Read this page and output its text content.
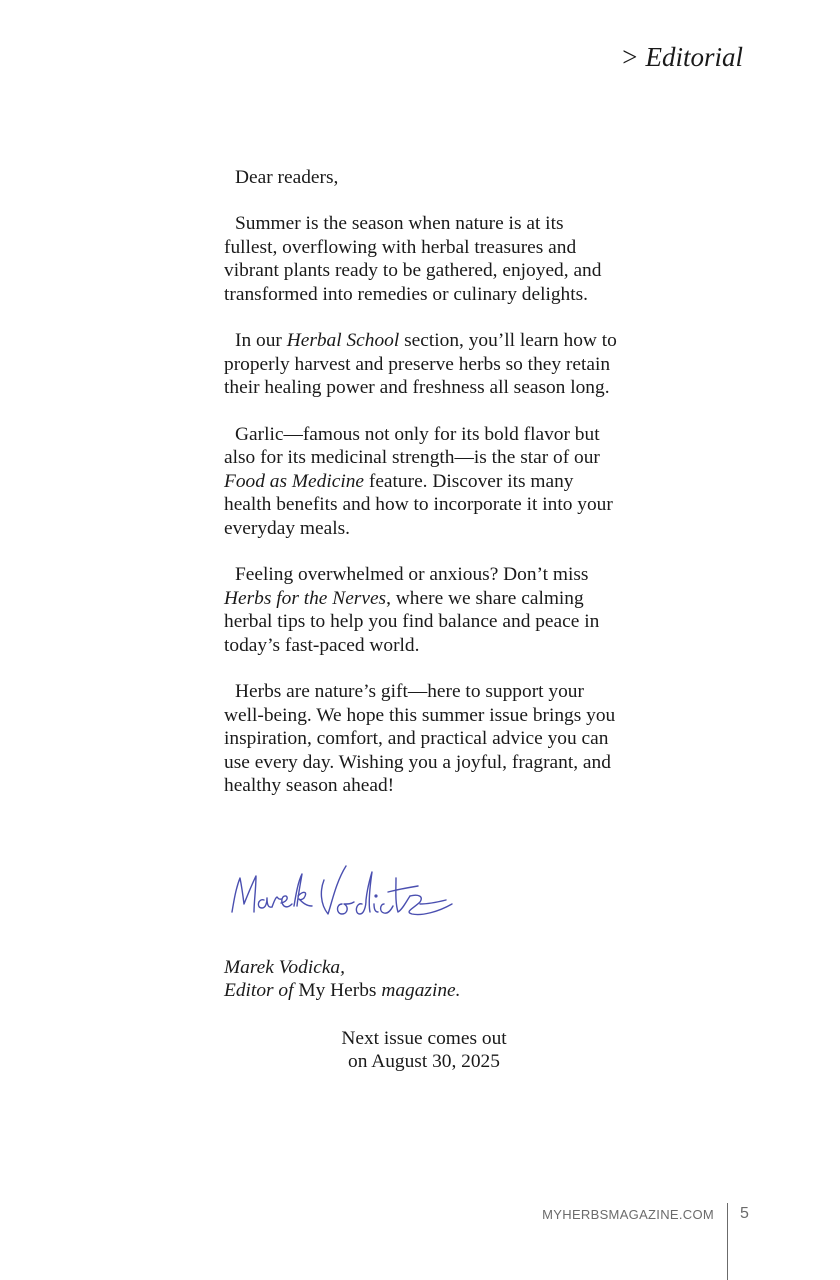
> Editorial

Dear readers,

Summer is the season when nature is at its fullest, overflowing with herbal treasures and vibrant plants ready to be gathered, enjoyed, and transformed into remedies or culinary delights.

In our Herbal School section, you’ll learn how to properly harvest and preserve herbs so they retain their healing power and freshness all season long.

Garlic—famous not only for its bold flavor but also for its medicinal strength—is the star of our Food as Medicine feature. Discover its many health benefits and how to incorporate it into your everyday meals.

Feeling overwhelmed or anxious? Don’t miss Herbs for the Nerves, where we share calming herbal tips to help you find balance and peace in today’s fast-paced world.

Herbs are nature’s gift—here to support your well-being. We hope this summer issue brings you inspiration, comfort, and practical advice you can use every day. Wishing you a joyful, fragrant, and healthy season ahead!

Marek Vodicka,
Editor of My Herbs magazine.
Next issue comes out
on August 30, 2025
MYHERBSMAGAZINE.COM 5
